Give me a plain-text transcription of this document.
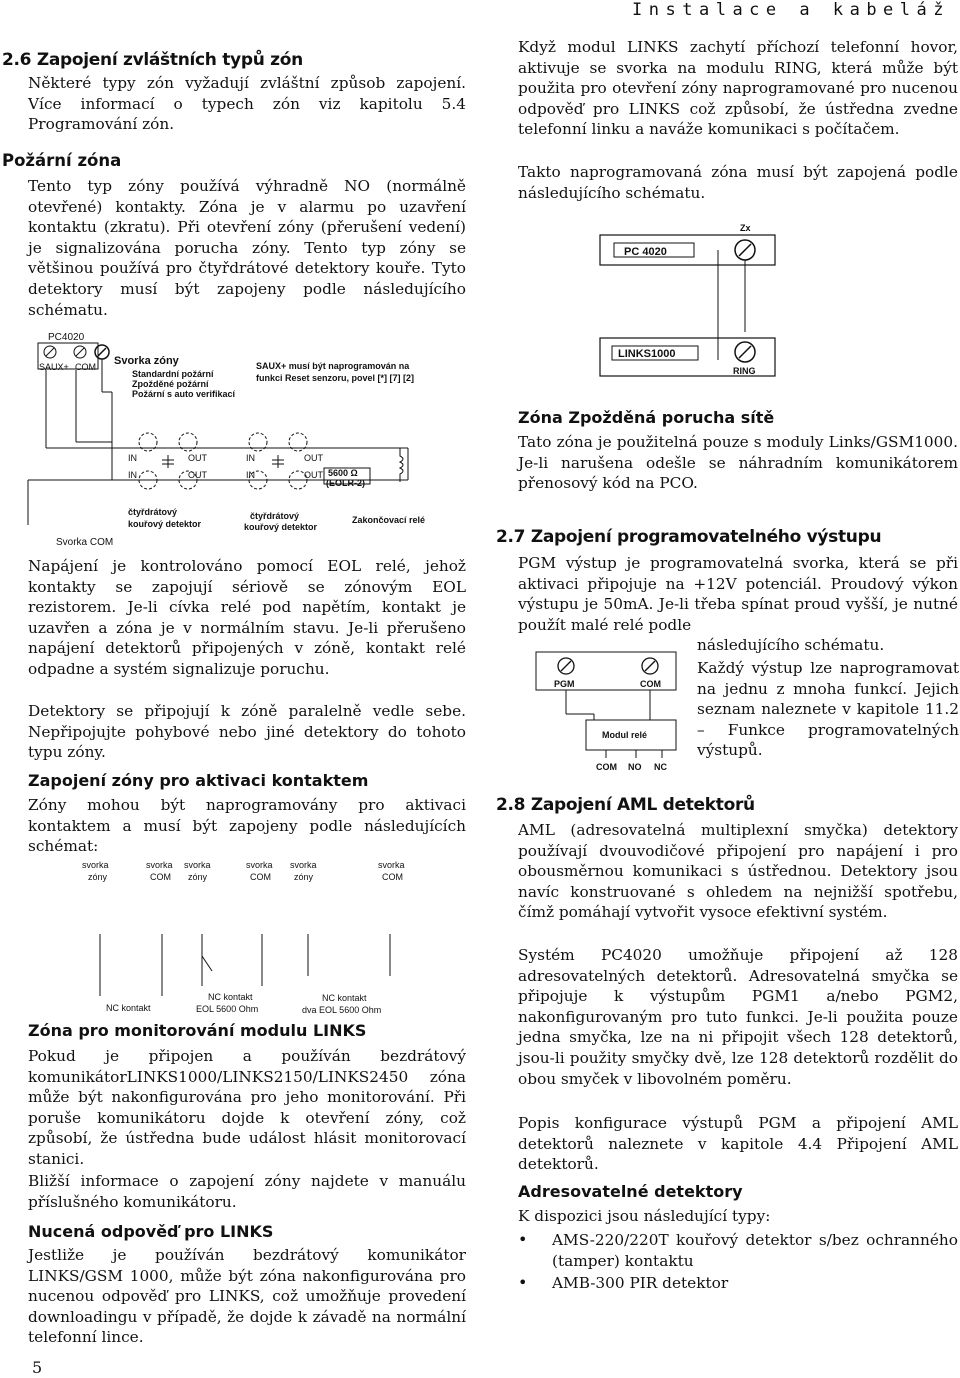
Instalace a kabeláž
2.6 Zapojení zvláštních typů zón

Některé typy zón vyžadují zvláštní způsob zapojení. Více informací o typech zón viz kapitolu 5.4 Programování zón.

Požární zóna

Tento typ zóny používá výhradně NO (normálně otevřené) kontakty. Zóna je v alarmu po uzavření kontaktu (zkratu). Při otevření zóny (přerušení vedení) je signalizována porucha zóny. Tento typ zóny se většinou používá pro čtyřdrátové detektory kouře. Tyto detektory musí být zapojeny podle následujícího schématu.

PC4020
SAUX+ COM Svorka zóny
Standardní požární
Zpožděné požární
Požární s auto verifikací
SAUX+ musí být naprogramován na
funkci Reset senzoru, povel [*] [7] [2]
IN
IN
OUT
OUT
IN
IN
OUT
OUT 5600 Ω
(EOLR-2)
čtyřdrátový
kouřový detektor
čtyřdrátový
kouřový detektor
Zakončovací relé
Svorka COM

Napájení je kontrolováno pomocí EOL relé, jehož kontakty se zapojují sériově se zónovým EOL rezistorem. Je-li cívka relé pod napětím, kontakt je uzavřen a zóna je v normálním stavu. Je-li přerušeno napájení detektorů připojených v zóně, kontakt relé odpadne a systém signalizuje poruchu.

Detektory se připojují k zóně paralelně vedle sebe. Nepřipojujte pohybové nebo jiné detektory do tohoto typu zóny.

Zapojení zóny pro aktivaci kontaktem

Zóny mohou být naprogramovány pro aktivaci kontaktem a musí být zapojeny podle následujících schémat:

svorka
zóny
svorka
COM
svorka
zóny
svorka
COM
svorka
zóny
svorka
COM
NC kontakt
NC kontakt
EOL 5600 Ohm
NC kontakt
dva EOL 5600 Ohm
Zóna pro monitorování modulu LINKS

Pokud je připojen a používán bezdrátový komunikátorLINKS1000/LINKS2150/LINKS2450 zóna může být nakonfigurována pro jeho monitorování. Při poruše komunikátoru dojde k otevření zóny, což způsobí, že ústředna bude událost hlásit monitorovací stanici.

Bližší informace o zapojení zóny najdete v manuálu příslušného komunikátoru.

Nucená odpověď pro LINKS

Jestliže je používán bezdrátový komunikátor LINKS/GSM 1000, může být zóna nakonfigurována pro nucenou odpověď pro LINKS, což umožňuje provedení downloadingu v případě, že dojde k závadě na normální telefonní lince.

5

Když modul LINKS zachytí příchozí telefonní hovor, aktivuje se svorka na modulu RING, která může být použita pro otevření zóny naprogramované pro nucenou odpověď pro LINKS což způsobí, že ústředna zvedne telefonní linku a naváže komunikaci s počítačem.

Takto naprogramovaná zóna musí být zapojená podle následujícího schématu.

Zx
PC 4020
LINKS1000
RING
Zóna Zpožděná porucha sítě

Tato zóna je použitelná pouze s moduly Links/GSM1000. Je-li narušena odešle se náhradním komunikátorem přenosový kód na PCO.

2.7 Zapojení programovatelného výstupu

PGM výstup je programovatelná svorka, která se při aktivaci připojuje na +12V potenciál. Proudový výkon výstupu je 50mA. Je-li třeba spínat proud vyšší, je nutné použít malé relé podle

následujícího schématu.

Každý výstup lze naprogramovat na jednu z mnoha funkcí. Jejich seznam naleznete v kapitole 11.2 – Funkce programovatelných výstupů.

PGM	COM
Modul relé
COM NO NC
2.8 Zapojení AML detektorů

AML (adresovatelná multiplexní smyčka) detektory používají dvouvodičové připojení pro napájení i pro obousměrnou komunikaci s ústřednou. Detektory jsou navíc konstruované s ohledem na nejnižší spotřebu, čímž pomáhají vytvořit vysoce efektivní systém.

Systém PC4020 umožňuje připojení až 128 adresovatelných detektorů. Adresovatelná smyčka se připojuje k výstupům PGM1 a/nebo PGM2, nakonfigurovaným pro tuto funkci. Je-li použita pouze jedna smyčka, lze na ni připojit všech 128 detektorů, jsou-li použity smyčky dvě, lze 128 detektorů rozdělit do obou smyček v libovolném poměru.

Popis konfigurace výstupů PGM a připojení AML detektorů naleznete v kapitole 4.4 Připojení AML detektorů.

Adresovatelné detektory

K dispozici jsou následující typy:

• AMS-220/220T kouřový detektor s/bez ochranného (tamper) kontaktu
• AMB-300 PIR detektor
